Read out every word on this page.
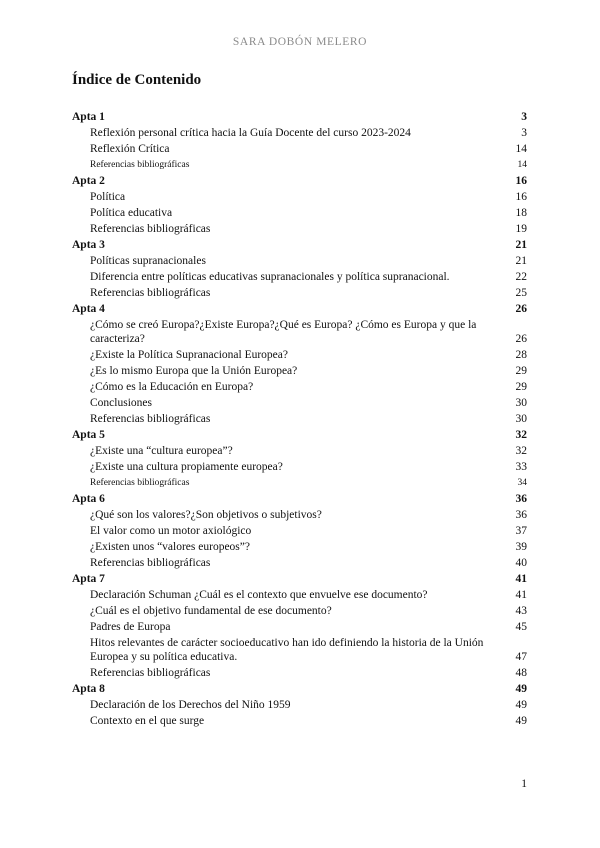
SARA DOBÓN MELERO
Índice de Contenido
Apta 1	3
Reflexión personal crítica hacia la Guía Docente del curso 2023-2024	3
Reflexión Crítica	14
Referencias bibliográficas	14
Apta 2	16
Política	16
Política educativa	18
Referencias bibliográficas	19
Apta 3	21
Políticas supranacionales	21
Diferencia entre políticas educativas supranacionales y política supranacional.	22
Referencias bibliográficas	25
Apta 4	26
¿Cómo se creó Europa?¿Existe Europa?¿Qué es Europa? ¿Cómo es Europa y que la caracteriza?	26
¿Existe la Política Supranacional Europea?	28
¿Es lo mismo Europa que la Unión Europea?	29
¿Cómo es la Educación en Europa?	29
Conclusiones	30
Referencias bibliográficas	30
Apta 5	32
¿Existe una “cultura europea”?	32
¿Existe una cultura propiamente europea?	33
Referencias bibliográficas	34
Apta 6	36
¿Qué son los valores?¿Son objetivos o subjetivos?	36
El valor como un motor axiológico	37
¿Existen unos “valores europeos”?	39
Referencias bibliográficas	40
Apta 7	41
Declaración Schuman ¿Cuál es el contexto que envuelve ese documento?	41
¿Cuál es el objetivo fundamental de ese documento?	43
Padres de Europa	45
Hitos relevantes de carácter socioeducativo han ido definiendo la historia de la Unión Europea y su política educativa.	47
Referencias bibliográficas	48
Apta 8	49
Declaración de los Derechos del Niño 1959	49
Contexto en el que surge	49
1
